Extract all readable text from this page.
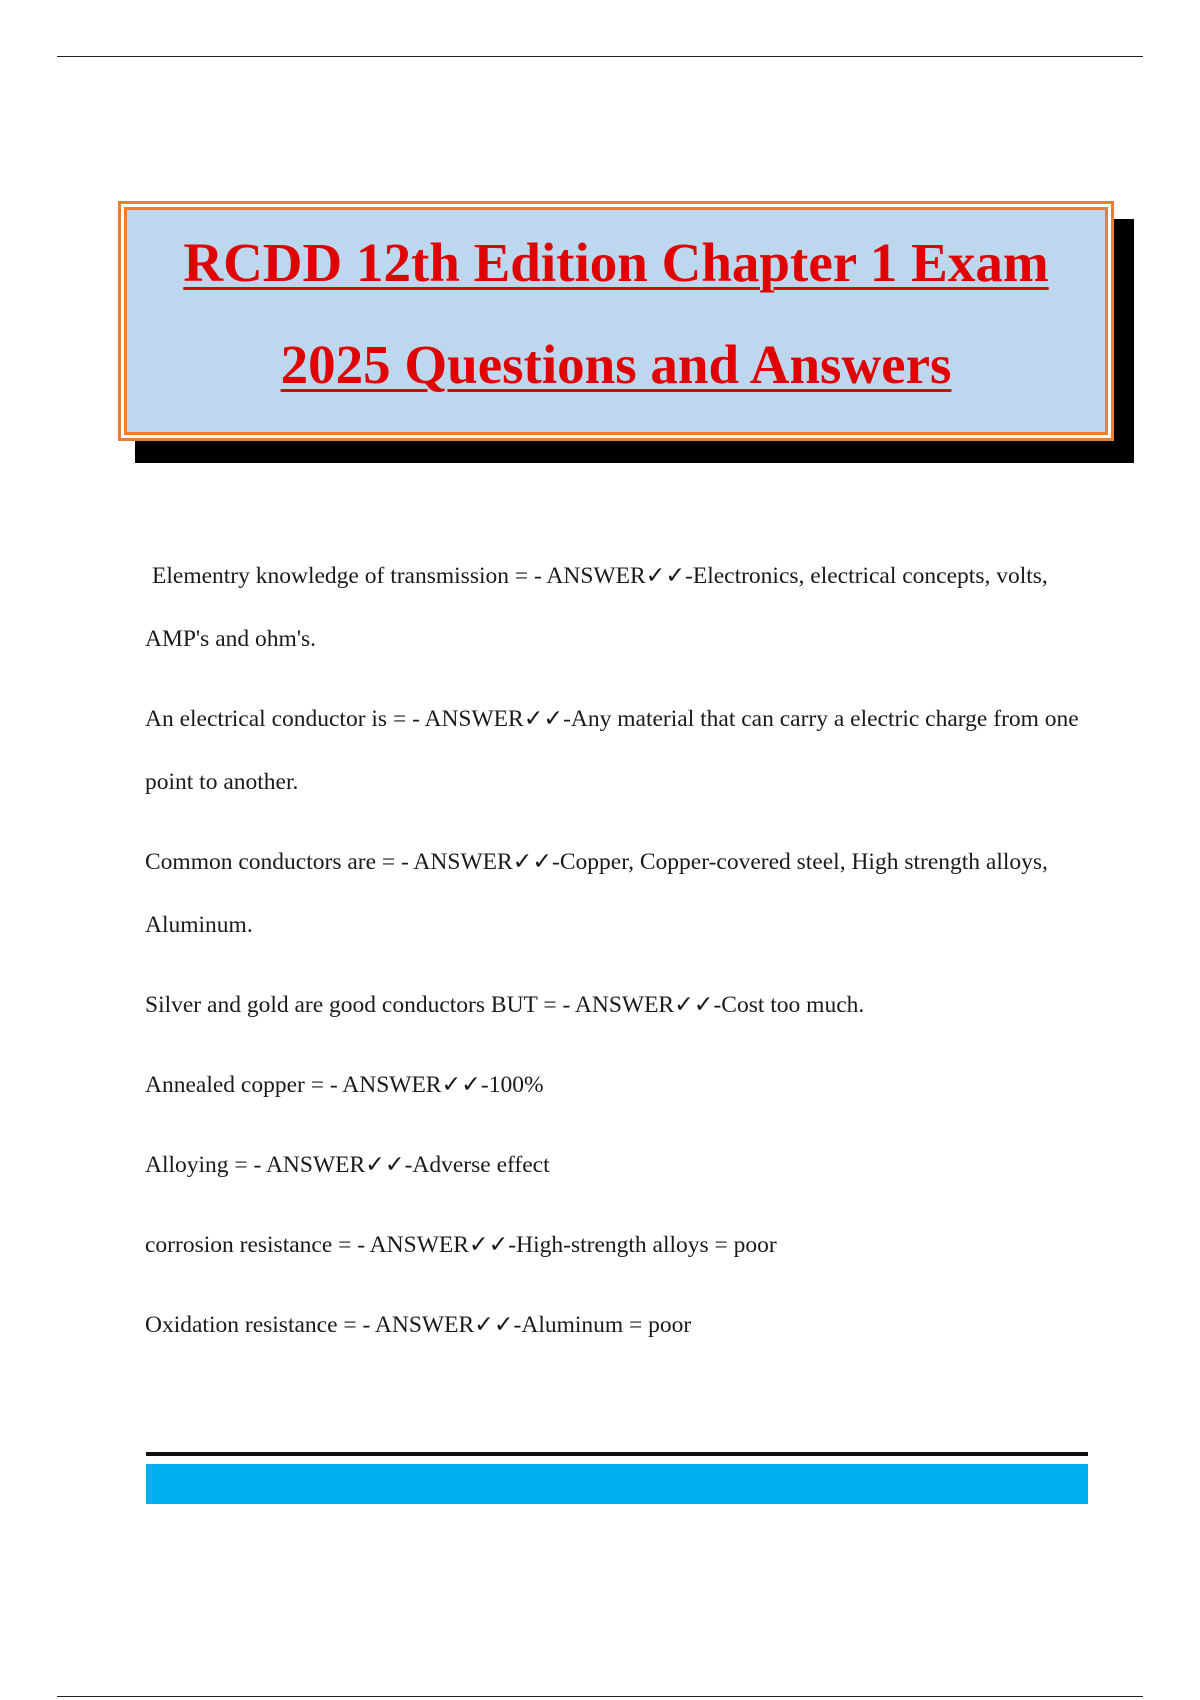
RCDD 12th Edition Chapter 1 Exam
2025 Questions and Answers

Elementry knowledge of transmission = - ANSWER✓✓-Electronics, electrical concepts, volts, AMP's and ohm's.

An electrical conductor is = - ANSWER✓✓-Any material that can carry a electric charge from one point to another.

Common conductors are = - ANSWER✓✓-Copper, Copper-covered steel, High strength alloys, Aluminum.

Silver and gold are good conductors BUT = - ANSWER✓✓-Cost too much.

Annealed copper = - ANSWER✓✓-100%

Alloying = - ANSWER✓✓-Adverse effect

corrosion resistance = - ANSWER✓✓-High-strength alloys = poor

Oxidation resistance = - ANSWER✓✓-Aluminum = poor
